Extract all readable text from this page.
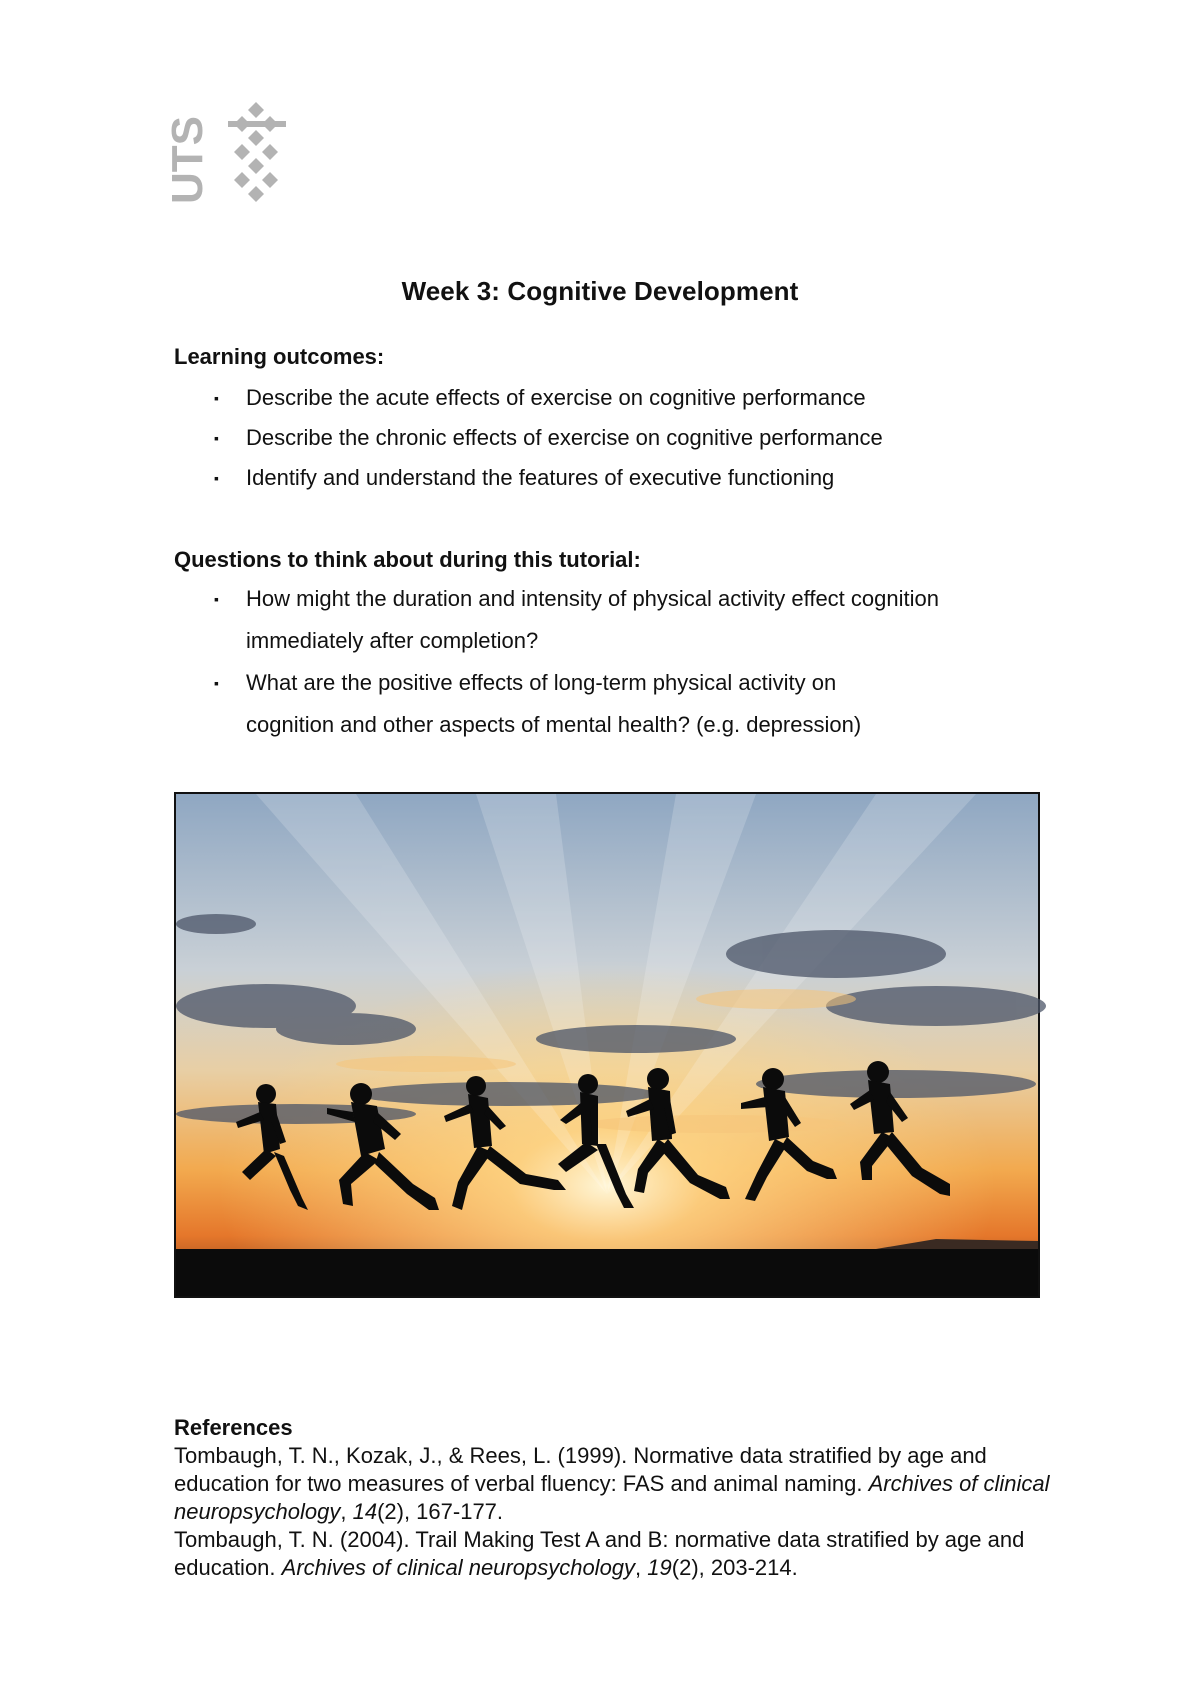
UTS
Week 3: Cognitive Development
Learning outcomes:
▪ Describe the acute effects of exercise on cognitive performance
▪ Describe the chronic effects of exercise on cognitive performance
▪ Identify and understand the features of executive functioning
Questions to think about during this tutorial:
▪ How might the duration and intensity of physical activity effect cognition
immediately after completion?
▪ What are the positive effects of long-term physical activity on
cognition and other aspects of mental health? (e.g. depression)
References
Tombaugh, T. N., Kozak, J., & Rees, L. (1999). Normative data stratified by age and education for two measures of verbal fluency: FAS and animal naming. Archives of clinical neuropsychology, 14(2), 167-177.
Tombaugh, T. N. (2004). Trail Making Test A and B: normative data stratified by age and education. Archives of clinical neuropsychology, 19(2), 203-214.
